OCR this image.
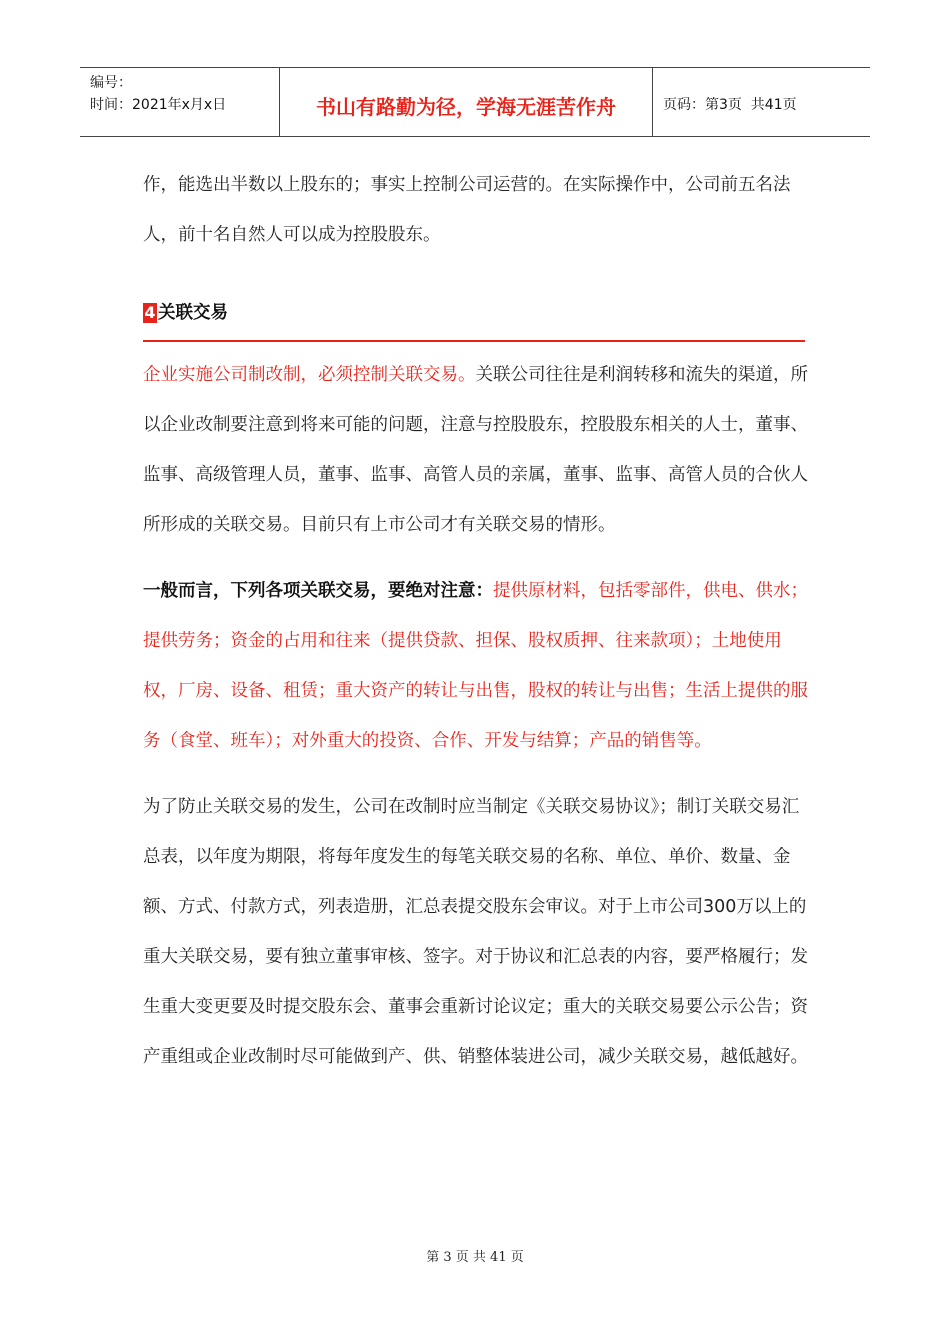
编号：
时间：2021年x月x日	书山有路勤为径，学海无涯苦作舟	页码：第3页  共41页

作，能选出半数以上股东的；事实上控制公司运营的。在实际操作中，公司前五名法人，前十名自然人可以成为控股股东。

4 关联交易

企业实施公司制改制，必须控制关联交易。关联公司往往是利润转移和流失的渠道，所以企业改制要注意到将来可能的问题，注意与控股股东，控股股东相关的人士，董事、监事、高级管理人员，董事、监事、高管人员的亲属，董事、监事、高管人员的合伙人所形成的关联交易。目前只有上市公司才有关联交易的情形。

一般而言，下列各项关联交易，要绝对注意：提供原材料，包括零部件，供电、供水；提供劳务；资金的占用和往来（提供贷款、担保、股权质押、往来款项）；土地使用权，厂房、设备、租赁；重大资产的转让与出售，股权的转让与出售；生活上提供的服务（食堂、班车）；对外重大的投资、合作、开发与结算；产品的销售等。

为了防止关联交易的发生，公司在改制时应当制定《关联交易协议》；制订关联交易汇总表，以年度为期限，将每年度发生的每笔关联交易的名称、单位、单价、数量、金额、方式、付款方式，列表造册，汇总表提交股东会审议。对于上市公司300万以上的重大关联交易，要有独立董事审核、签字。对于协议和汇总表的内容，要严格履行；发生重大变更要及时提交股东会、董事会重新讨论议定；重大的关联交易要公示公告；资产重组或企业改制时尽可能做到产、供、销整体装进公司，减少关联交易，越低越好。

第 3 页 共 41 页
